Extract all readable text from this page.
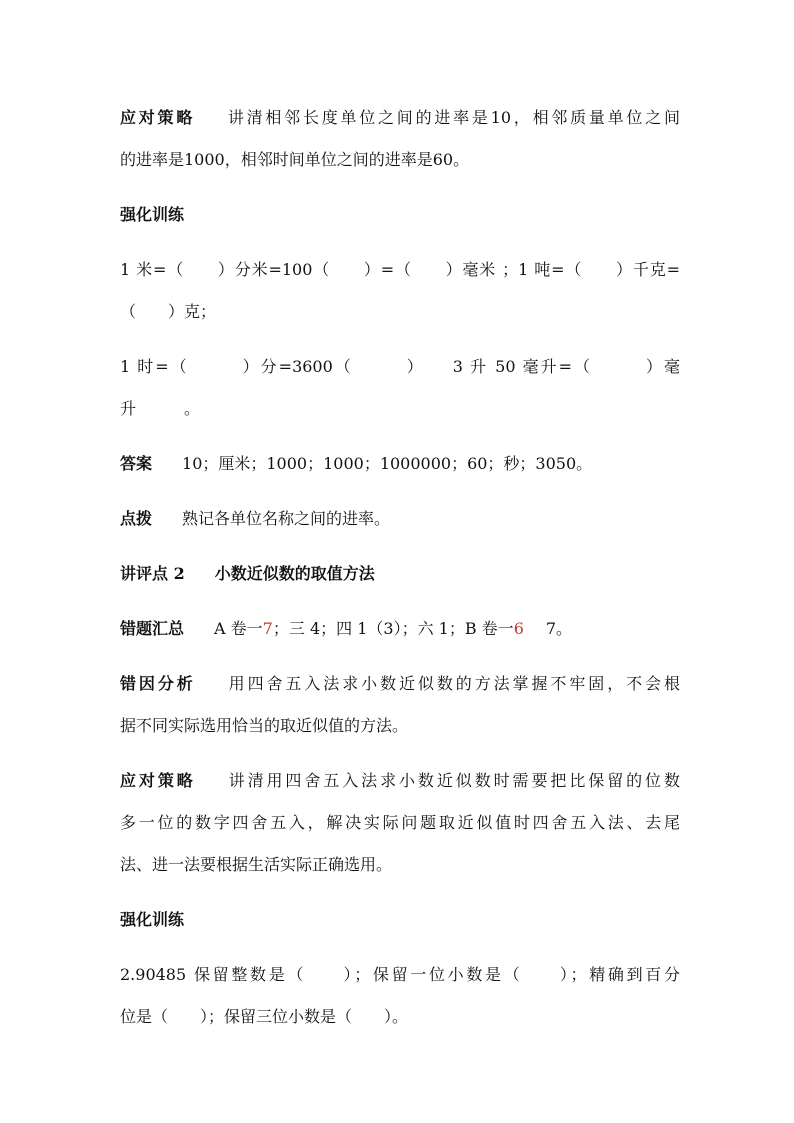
应对策略 讲清相邻长度单位之间的进率是10，相邻质量单位之间
的进率是1000，相邻时间单位之间的进率是60。
强化训练
1 米=（　　）分米=100（　　）=（　　）毫米 ；1 吨=（　　）千克=
（　　）克；
1 时=（　　　）分=3600（　　　）　　3 升 50 毫升=（　　　）毫
升　　　。
答案 10；厘米；1000；1000；1000000；60；秒；3050。
点拨 熟记各单位名称之间的进率。
讲评点 2 小数近似数的取值方法
错题汇总 A 卷一7；三 4；四 1（3）；六 1；B 卷一6 7。
错因分析 用四舍五入法求小数近似数的方法掌握不牢固，不会根
据不同实际选用恰当的取近似值的方法。
应对策略 讲清用四舍五入法求小数近似数时需要把比保留的位数
多一位的数字四舍五入，解决实际问题取近似值时四舍五入法、去尾
法、进一法要根据生活实际正确选用。
强化训练
2.90485 保留整数是（　　）；保留一位小数是（　　）；精确到百分
位是（　　）；保留三位小数是（　　）。
